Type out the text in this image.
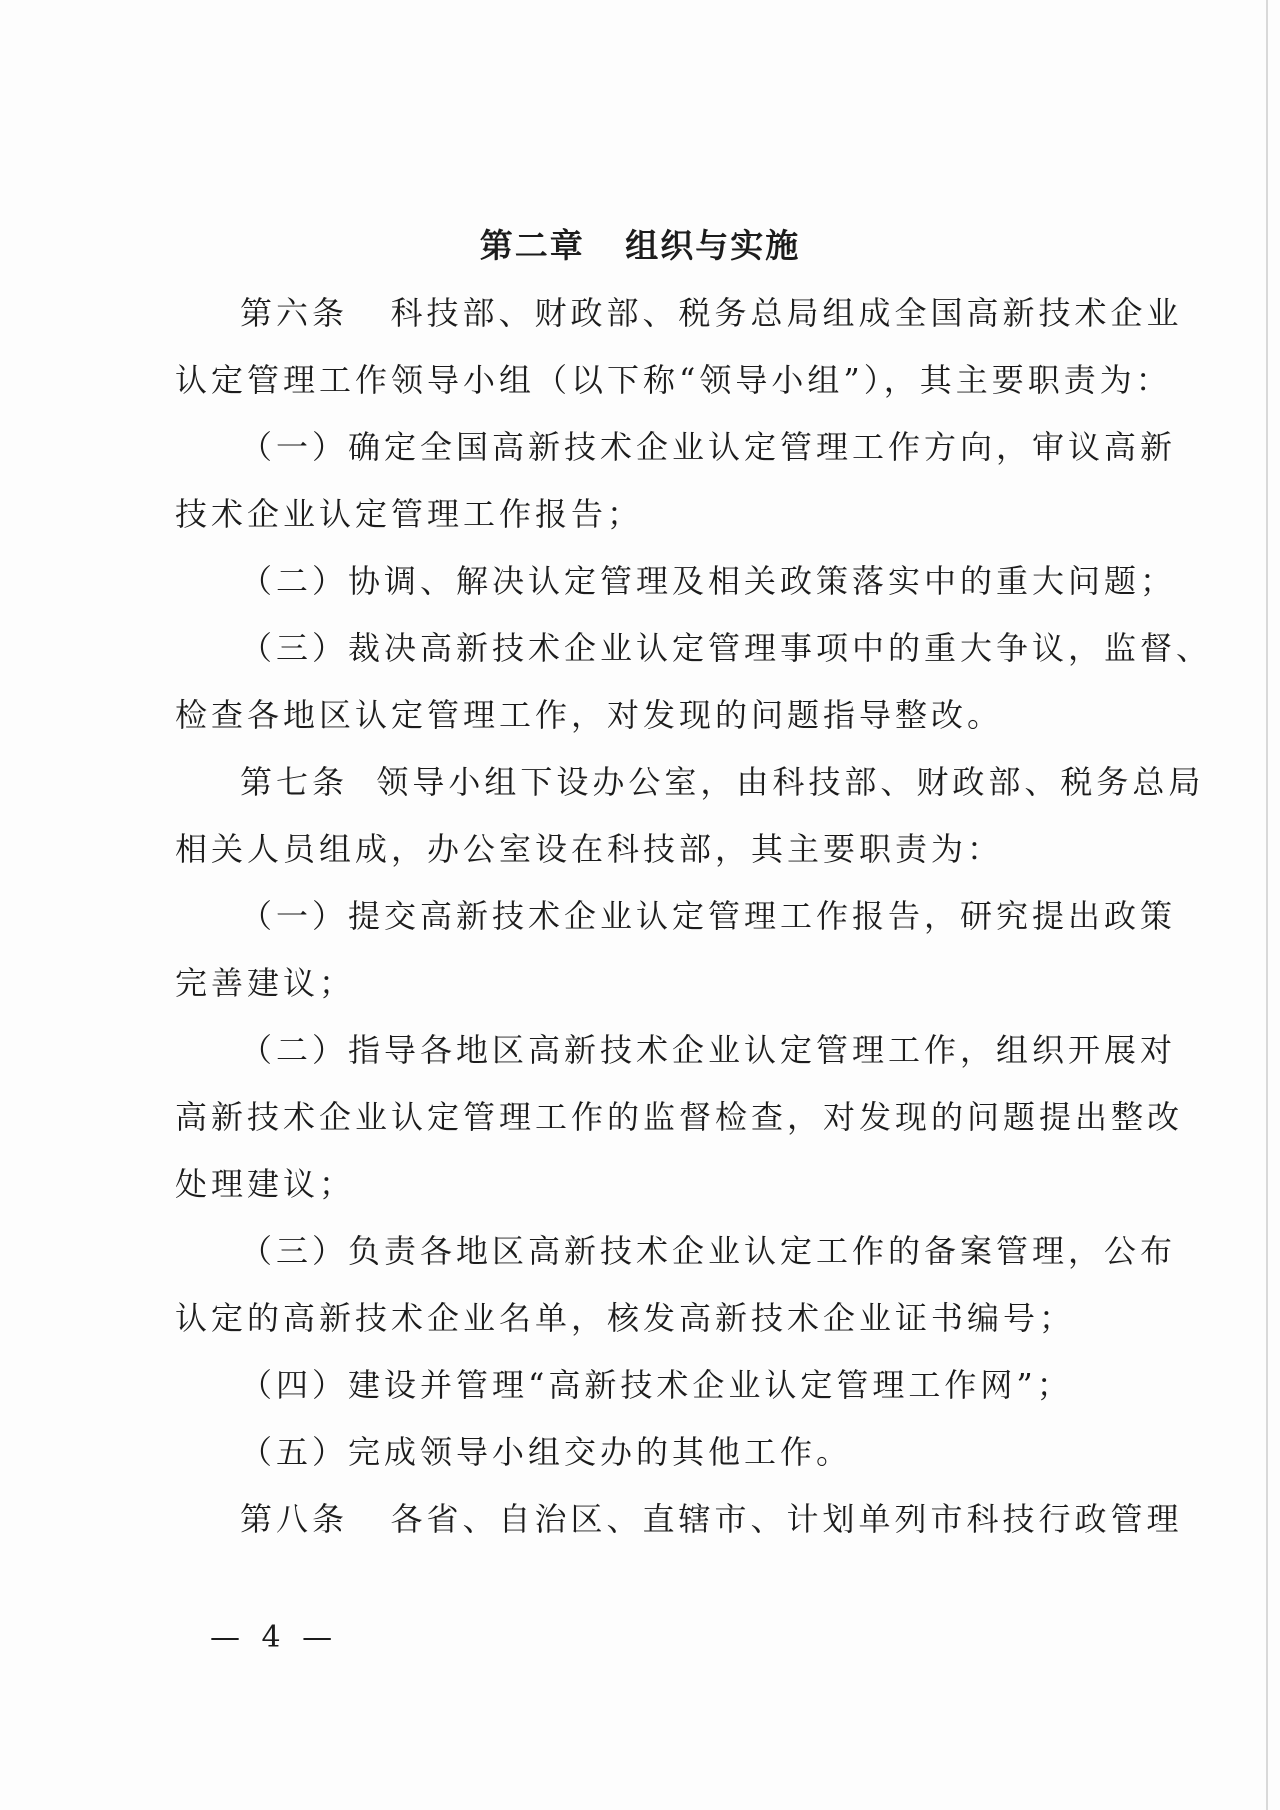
第二章   组织与实施
第六条   科技部、财政部、税务总局组成全国高新技术企业
认定管理工作领导小组（以下称“领导小组”），其主要职责为：
（一）确定全国高新技术企业认定管理工作方向，审议高新
技术企业认定管理工作报告；
（二）协调、解决认定管理及相关政策落实中的重大问题；
（三）裁决高新技术企业认定管理事项中的重大争议，监督、
检查各地区认定管理工作，对发现的问题指导整改。
第七条  领导小组下设办公室，由科技部、财政部、税务总局
相关人员组成，办公室设在科技部，其主要职责为：
（一）提交高新技术企业认定管理工作报告，研究提出政策
完善建议；
（二）指导各地区高新技术企业认定管理工作，组织开展对
高新技术企业认定管理工作的监督检查，对发现的问题提出整改
处理建议；
（三）负责各地区高新技术企业认定工作的备案管理，公布
认定的高新技术企业名单，核发高新技术企业证书编号；
（四）建设并管理“高新技术企业认定管理工作网”；
（五）完成领导小组交办的其他工作。
第八条   各省、自治区、直辖市、计划单列市科技行政管理
— 4 —
